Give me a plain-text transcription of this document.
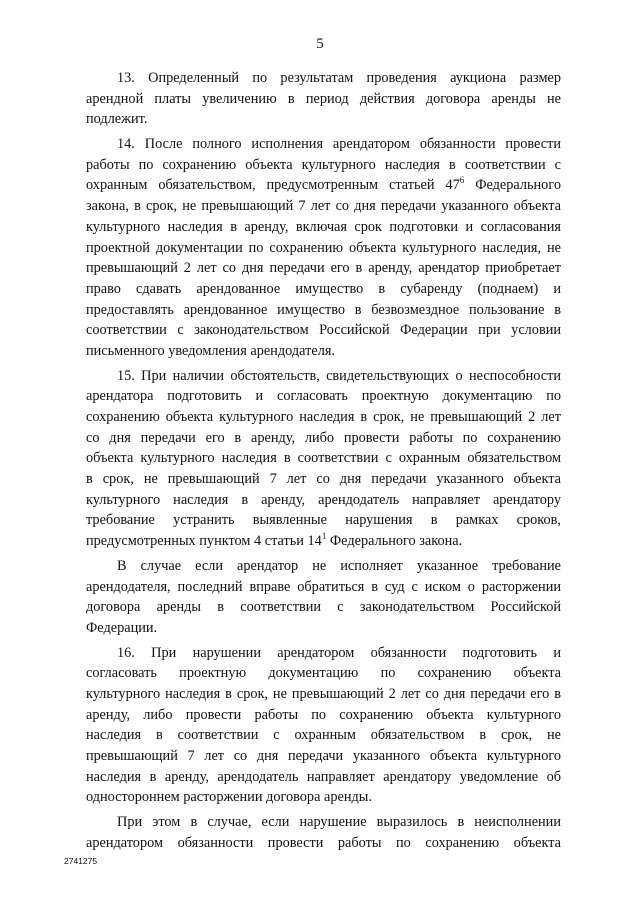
5
13. Определенный по результатам проведения аукциона размер
арендной платы увеличению в период действия договора аренды не
подлежит.
14. После полного исполнения арендатором обязанности провести
работы по сохранению объекта культурного наследия в соответствии с
охранным обязательством, предусмотренным статьей $47^6$ Федерального
закона, в срок, не превышающий 7 лет со дня передачи указанного объекта
культурного наследия в аренду, включая срок подготовки и согласования
проектной документации по сохранению объекта культурного наследия, не
превышающий 2 лет со дня передачи его в аренду, арендатор приобретает
право сдавать арендованное имущество в субаренду (поднаем) и
предоставлять арендованное имущество в безвозмездное пользование в
соответствии с законодательством Российской Федерации при условии
письменного уведомления арендодателя.
15. При наличии обстоятельств, свидетельствующих о неспособности
арендатора подготовить и согласовать проектную документацию по
сохранению объекта культурного наследия в срок, не превышающий 2 лет
со дня передачи его в аренду, либо провести работы по сохранению
объекта культурного наследия в соответствии с охранным обязательством
в срок, не превышающий 7 лет со дня передачи указанного объекта
культурного наследия в аренду, арендодатель направляет арендатору
требование устранить выявленные нарушения в рамках сроков,
предусмотренных пунктом 4 статьи $14^1$ Федерального закона.
В случае если арендатор не исполняет указанное требование
арендодателя, последний вправе обратиться в суд с иском о расторжении
договора аренды в соответствии с законодательством Российской
Федерации.
16. При нарушении арендатором обязанности подготовить и
согласовать проектную документацию по сохранению объекта
культурного наследия в срок, не превышающий 2 лет со дня передачи его в
аренду, либо провести работы по сохранению объекта культурного
наследия в соответствии с охранным обязательством в срок, не
превышающий 7 лет со дня передачи указанного объекта культурного
наследия в аренду, арендодатель направляет арендатору уведомление об
одностороннем расторжении договора аренды.
При этом в случае, если нарушение выразилось в неисполнении
арендатором обязанности провести работы по сохранению объекта
2741275
